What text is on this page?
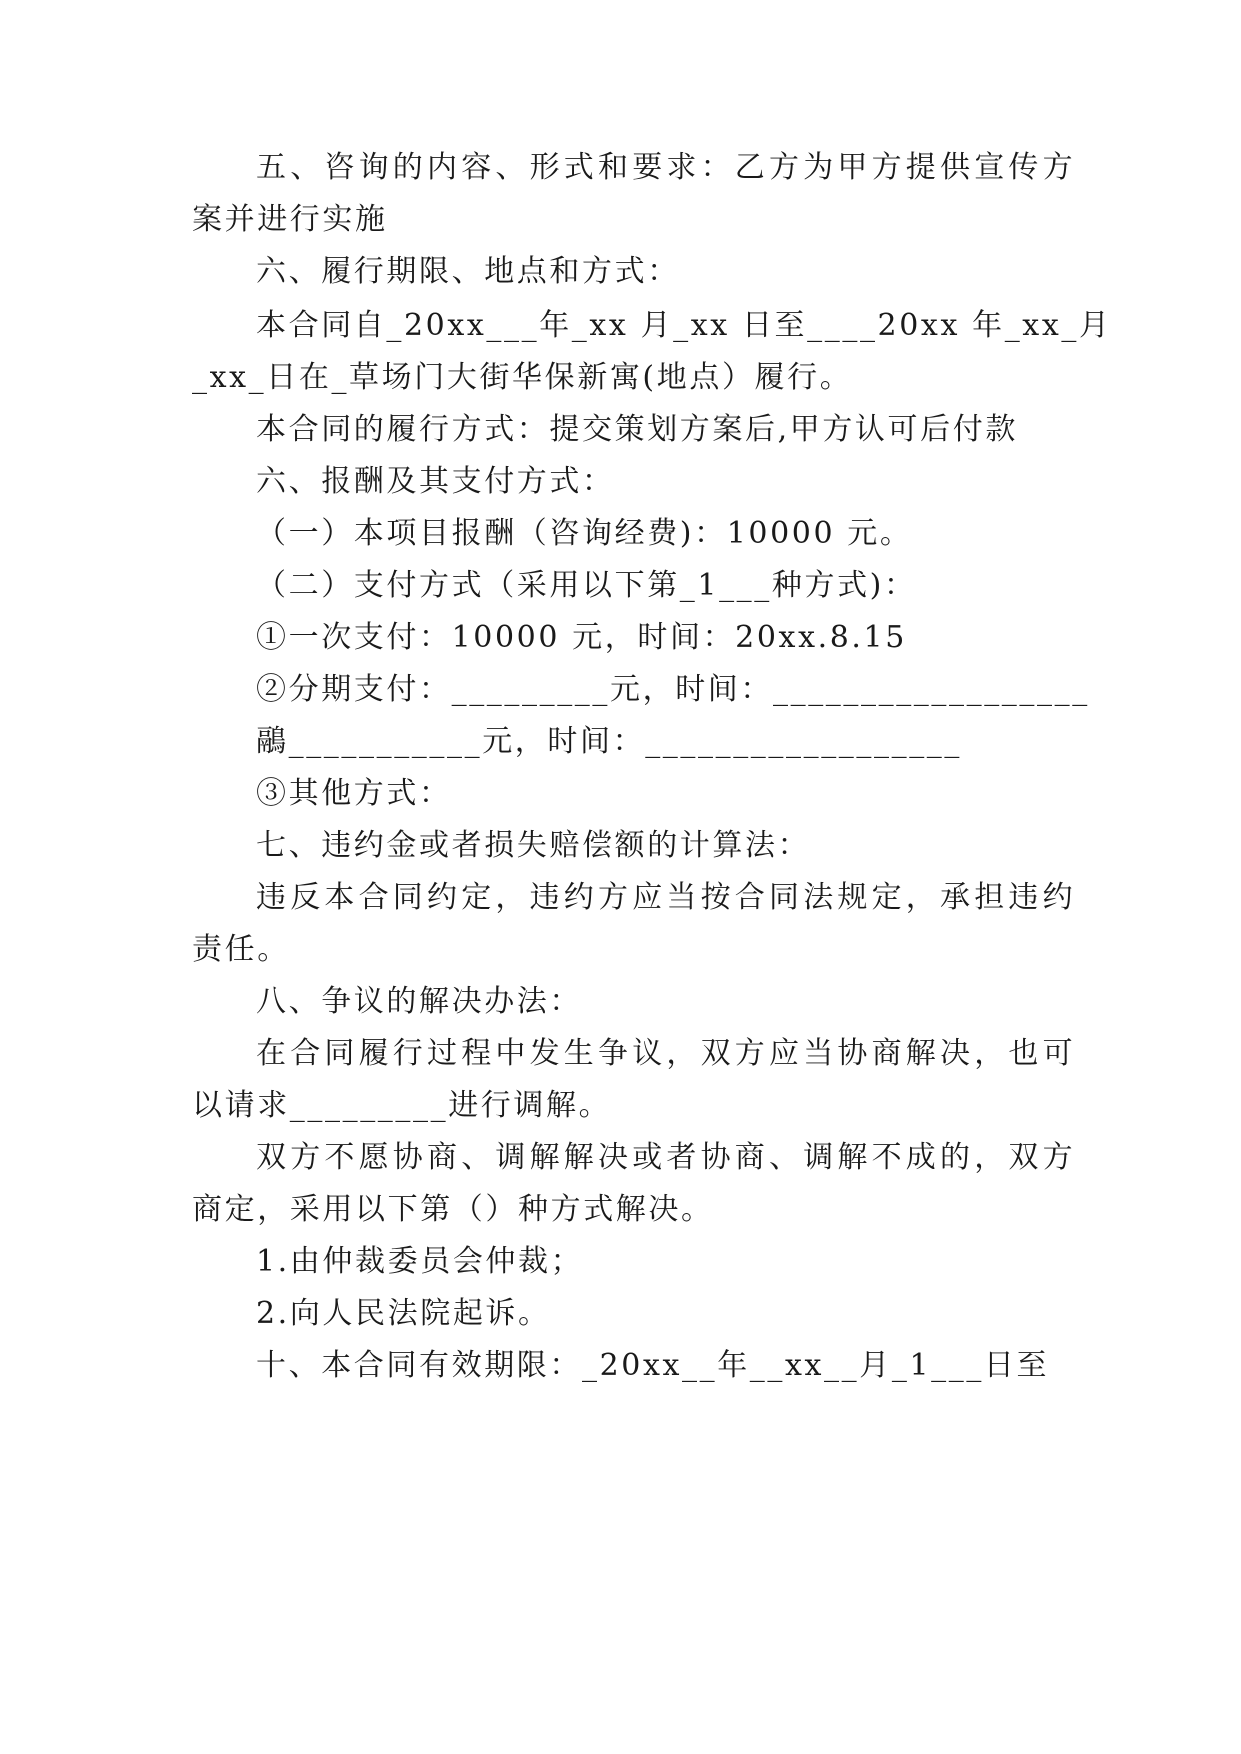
五、咨询的内容、形式和要求：乙方为甲方提供宣传方
案并进行实施
六、履行期限、地点和方式：
本合同自_20xx___年_xx 月_xx 日至____20xx 年_xx_月
_xx_日在_草场门大街华保新寓(地点）履行。
本合同的履行方式：提交策划方案后,甲方认可后付款
六、报酬及其支付方式：
（一）本项目报酬（咨询经费)：10000 元。
（二）支付方式（采用以下第_1___种方式)：
①一次支付：10000 元，时间：20xx.8.15
②分期支付：_________元，时间：__________________
鷊___________元，时间：__________________
③其他方式：
七、违约金或者损失赔偿额的计算法：
违反本合同约定，违约方应当按合同法规定，承担违约
责任。
八、争议的解决办法：
在合同履行过程中发生争议，双方应当协商解决，也可
以请求_________进行调解。
双方不愿协商、调解解决或者协商、调解不成的，双方
商定，采用以下第（）种方式解决。
1.由仲裁委员会仲裁；
2.向人民法院起诉。
十、本合同有效期限：_20xx__年__xx__月_1___日至
